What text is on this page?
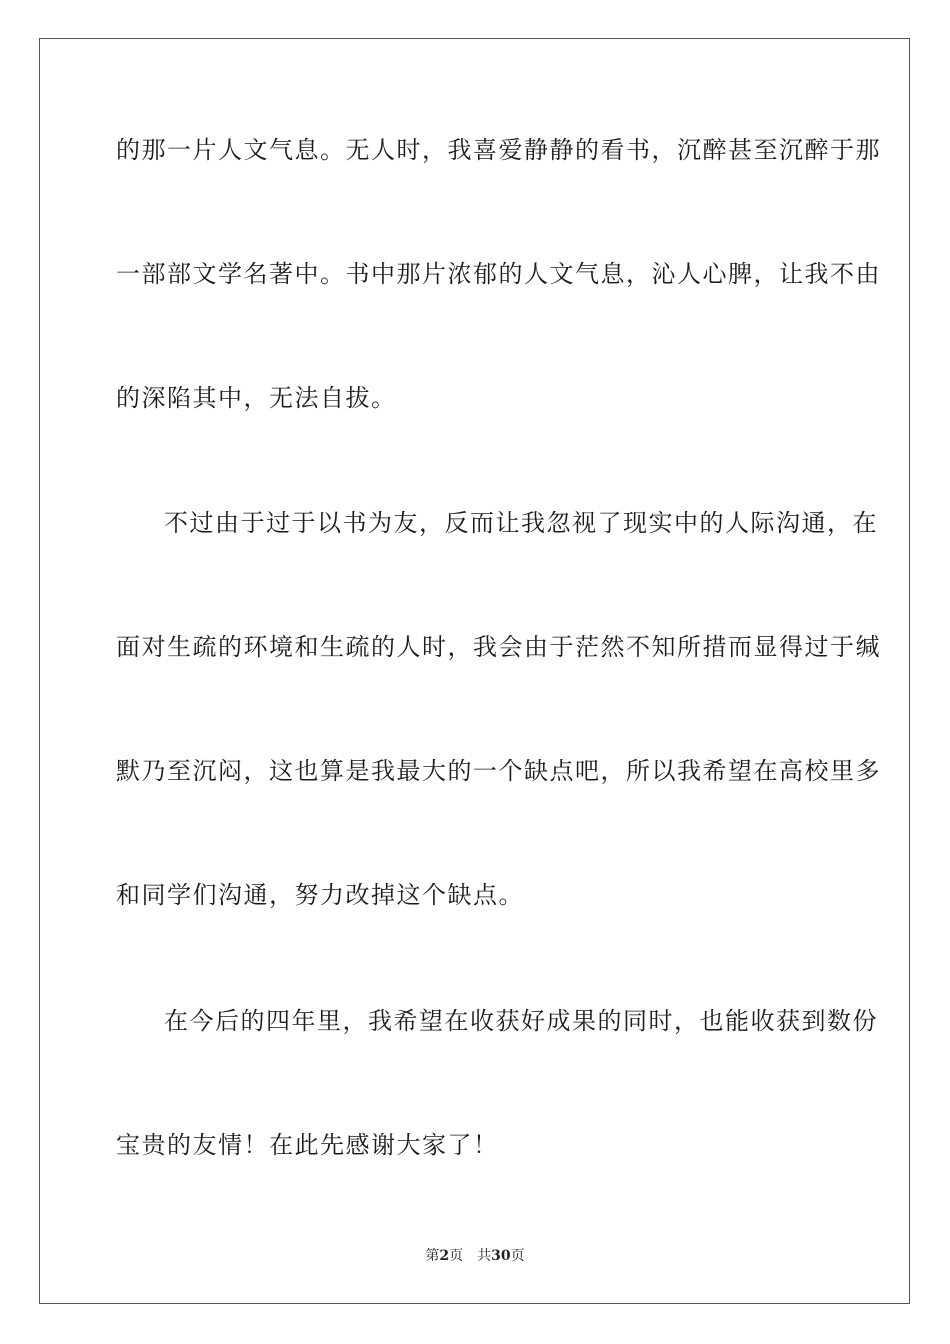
的那一片人文气息。无人时，我喜爱静静的看书，沉醉甚至沉醉于那
一部部文学名著中。书中那片浓郁的人文气息，沁人心脾，让我不由
的深陷其中，无法自拔。
不过由于过于以书为友，反而让我忽视了现实中的人际沟通，在
面对生疏的环境和生疏的人时，我会由于茫然不知所措而显得过于缄
默乃至沉闷，这也算是我最大的一个缺点吧，所以我希望在高校里多
和同学们沟通，努力改掉这个缺点。
在今后的四年里，我希望在收获好成果的同时，也能收获到数份
宝贵的友情！在此先感谢大家了！
第2页 共30页
